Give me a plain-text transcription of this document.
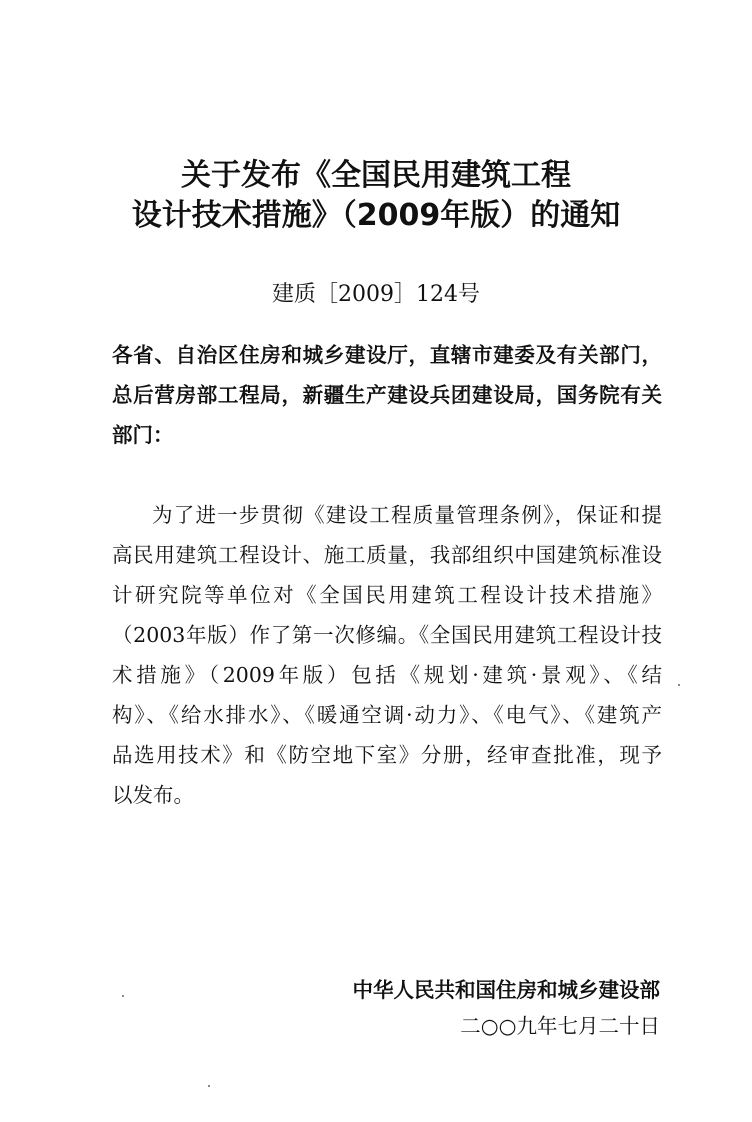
关于发布《全国民用建筑工程
设计技术措施》（2009年版）的通知
建质［2009］124号
各省、自治区住房和城乡建设厅，直辖市建委及有关部门，
总后营房部工程局，新疆生产建设兵团建设局，国务院有关
部门：
为了进一步贯彻《建设工程质量管理条例》，保证和提
高民用建筑工程设计、施工质量，我部组织中国建筑标准设
计研究院等单位对《全国民用建筑工程设计技术措施》
（2003年版）作了第一次修编。《全国民用建筑工程设计技
术措施》（2009年版）包括《规划·建筑·景观》、《结
构》、《给水排水》、《暖通空调·动力》、《电气》、《建筑产
品选用技术》和《防空地下室》分册，经审查批准，现予
以发布。
中华人民共和国住房和城乡建设部
二○○九年七月二十日
